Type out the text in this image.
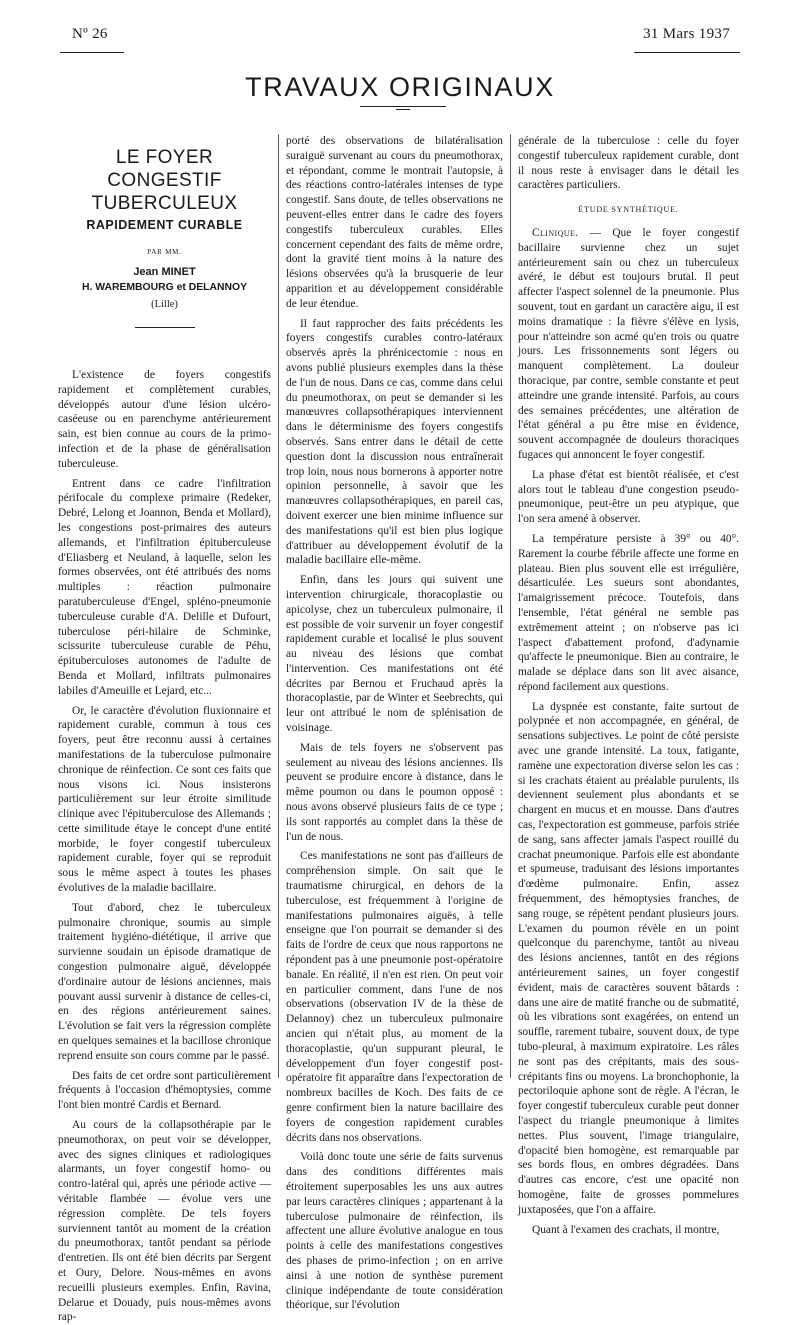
Nº 26	31 Mars 1937
TRAVAUX ORIGINAUX
LE FOYER CONGESTIF
TUBERCULEUX
RAPIDEMENT CURABLE
PAR MM.
Jean MINET
H. WAREMBOURG et DELANNOY
(Lille)

L'existence de foyers congestifs rapidement et complètement curables, développés autour d'une lésion ulcéro-caséeuse ou en parenchyme antérieurement sain, est bien connue au cours de la primo-infection et de la phase de généralisation tuberculeuse.

Entrent dans ce cadre l'infiltration périfocale du complexe primaire (Redeker, Debré, Lelong et Joannon, Benda et Mollard), les congestions post-primaires des auteurs allemands, et l'infiltration épituberculeuse d'Eliasberg et Neuland, à laquelle, selon les formes observées, ont été attribués des noms multiples : réaction pulmonaire paratuberculeuse d'Engel, spléno-pneumonie tuberculeuse curable d'A. Delille et Dufourt, tuberculose péri-hilaire de Schminke, scissurite tuberculeuse curable de Péhu, épituberculoses autonomes de l'adulte de Benda et Mollard, infiltrats pulmonaires labiles d'Ameuille et Lejard, etc...

Or, le caractère d'évolution fluxionnaire et rapidement curable, commun à tous ces foyers, peut être reconnu aussi à certaines manifestations de la tuberculose pulmonaire chronique de réinfection. Ce sont ces faits que nous visons ici. Nous insisterons particulièrement sur leur étroite similitude clinique avec l'épituberculose des Allemands ; cette similitude étaye le concept d'une entité morbide, le foyer congestif tuberculeux rapidement curable, foyer qui se reproduit sous le même aspect à toutes les phases évolutives de la maladie bacillaire.

Tout d'abord, chez le tuberculeux pulmonaire chronique, soumis au simple traitement hygiéno-diététique, il arrive que survienne soudain un épisode dramatique de congestion pulmonaire aiguë, développée d'ordinaire autour de lésions anciennes, mais pouvant aussi survenir à distance de celles-ci, en des régions antérieurement saines. L'évolution se fait vers la régression complète en quelques semaines et la bacillose chronique reprend ensuite son cours comme par le passé.

Des faits de cet ordre sont particulièrement fréquents à l'occasion d'hémoptysies, comme l'ont bien montré Cardis et Bernard.

Au cours de la collapsothérapie par le pneumothorax, on peut voir se développer, avec des signes cliniques et radiologiques alarmants, un foyer congestif homo- ou contro-latéral qui, après une période active — véritable flambée — évolue vers une régression complète. De tels foyers surviennent tantôt au moment de la création du pneumothorax, tantôt pendant sa période d'entretien. Ils ont été bien décrits par Sergent et Oury, Delore. Nous-mêmes en avons recueilli plusieurs exemples. Enfin, Ravina, Delarue et Douady, puis nous-mêmes avons rap-

porté des observations de bilatéralisation suraiguë survenant au cours du pneumothorax, et répondant, comme le montrait l'autopsie, à des réactions contro-latérales intenses de type congestif. Sans doute, de telles observations ne peuvent-elles entrer dans le cadre des foyers congestifs tuberculeux curables. Elles concernent cependant des faits de même ordre, dont la gravité tient moins à la nature des lésions observées qu'à la brusquerie de leur apparition et au développement considérable de leur étendue.

Il faut rapprocher des faits précédents les foyers congestifs curables contro-latéraux observés après la phrénicectomie : nous en avons publié plusieurs exemples dans la thèse de l'un de nous. Dans ce cas, comme dans celui du pneumothorax, on peut se demander si les manœuvres collapsothérapiques interviennent dans le déterminisme des foyers congestifs observés. Sans entrer dans le détail de cette question dont la discussion nous entraînerait trop loin, nous nous bornerons à apporter notre opinion personnelle, à savoir que les manœuvres collapsothérapiques, en pareil cas, doivent exercer une bien minime influence sur des manifestations qu'il est bien plus logique d'attribuer au développement évolutif de la maladie bacillaire elle-même.

Enfin, dans les jours qui suivent une intervention chirurgicale, thoracoplastie ou apicolyse, chez un tuberculeux pulmonaire, il est possible de voir survenir un foyer congestif rapidement curable et localisé le plus souvent au niveau des lésions que combat l'intervention. Ces manifestations ont été décrites par Bernou et Fruchaud après la thoracoplastie, par de Winter et Seebrechts, qui leur ont attribué le nom de splénisation de voisinage.

Mais de tels foyers ne s'observent pas seulement au niveau des lésions anciennes. Ils peuvent se produire encore à distance, dans le même poumon ou dans le poumon opposé : nous avons observé plusieurs faits de ce type ; ils sont rapportés au complet dans la thèse de l'un de nous.

Ces manifestations ne sont pas d'ailleurs de compréhension simple. On sait que le traumatisme chirurgical, en dehors de la tuberculose, est fréquemment à l'origine de manifestations pulmonaires aiguës, à telle enseigne que l'on pourrait se demander si des faits de l'ordre de ceux que nous rapportons ne répondent pas à une pneumonie post-opératoire banale. En réalité, il n'en est rien. On peut voir en particulier comment, dans l'une de nos observations (observation IV de la thèse de Delannoy) chez un tuberculeux pulmonaire ancien qui n'était plus, au moment de la thoracoplastie, qu'un suppurant pleural, le développement d'un foyer congestif post-opératoire fit apparaître dans l'expectoration de nombreux bacilles de Koch. Des faits de ce genre confirment bien la nature bacillaire des foyers de congestion rapidement curables décrits dans nos observations.

Voilà donc toute une série de faits survenus dans des conditions différentes mais étroitement superposables les uns aux autres par leurs caractères cliniques ; appartenant à la tuberculose pulmonaire de réinfection, ils affectent une allure évolutive analogue en tous points à celle des manifestations congestives des phases de primo-infection ; on en arrive ainsi à une notion de synthèse purement clinique indépendante de toute considération théorique, sur l'évolution

générale de la tuberculose : celle du foyer congestif tuberculeux rapidement curable, dont il nous reste à envisager dans le détail les caractères particuliers.

ÉTUDE SYNTHÉTIQUE.

Clinique. — Que le foyer congestif bacillaire survienne chez un sujet antérieurement sain ou chez un tuberculeux avéré, le début est toujours brutal. Il peut affecter l'aspect solennel de la pneumonie. Plus souvent, tout en gardant un caractère aigu, il est moins dramatique : la fièvre s'élève en lysis, pour n'atteindre son acmé qu'en trois ou quatre jours. Les frissonnements sont légers ou manquent complètement. La douleur thoracique, par contre, semble constante et peut atteindre une grande intensité. Parfois, au cours des semaines précédentes, une altération de l'état général a pu être mise en évidence, souvent accompagnée de douleurs thoraciques fugaces qui annoncent le foyer congestif.

La phase d'état est bientôt réalisée, et c'est alors tout le tableau d'une congestion pseudo-pneumonique, peut-être un peu atypique, que l'on sera amené à observer.

La température persiste à 39° ou 40°. Rarement la courbe fébrile affecte une forme en plateau. Bien plus souvent elle est irrégulière, désarticulée. Les sueurs sont abondantes, l'amaigrissement précoce. Toutefois, dans l'ensemble, l'état général ne semble pas extrêmement atteint ; on n'observe pas ici l'aspect d'abattement profond, d'adynamie qu'affecte le pneumonique. Bien au contraire, le malade se déplace dans son lit avec aisance, répond facilement aux questions.

La dyspnée est constante, faite surtout de polypnée et non accompagnée, en général, de sensations subjectives. Le point de côté persiste avec une grande intensité. La toux, fatigante, ramène une expectoration diverse selon les cas : si les crachats étaient au préalable purulents, ils deviennent seulement plus abondants et se chargent en mucus et en mousse. Dans d'autres cas, l'expectoration est gommeuse, parfois striée de sang, sans affecter jamais l'aspect rouillé du crachat pneumonique. Parfois elle est abondante et spumeuse, traduisant des lésions importantes d'œdème pulmonaire. Enfin, assez fréquemment, des hémoptysies franches, de sang rouge, se répètent pendant plusieurs jours. L'examen du poumon révèle en un point quelconque du parenchyme, tantôt au niveau des lésions anciennes, tantôt en des régions antérieurement saines, un foyer congestif évident, mais de caractères souvent bâtards : dans une aire de matité franche ou de submatité, où les vibrations sont exagérées, on entend un souffle, rarement tubaire, souvent doux, de type tubo-pleural, à maximum expiratoire. Les râles ne sont pas des crépitants, mais des sous-crépitants fins ou moyens. La bronchophonie, la pectoriloquie aphone sont de règle. A l'écran, le foyer congestif tuberculeux curable peut donner l'aspect du triangle pneumonique à limites nettes. Plus souvent, l'image triangulaire, d'opacité bien homogène, est remarquable par ses bords flous, en ombres dégradées. Dans d'autres cas encore, c'est une opacité non homogène, faite de grosses pommelures juxtaposées, que l'on a affaire.

Quant à l'examen des crachats, il montre,
